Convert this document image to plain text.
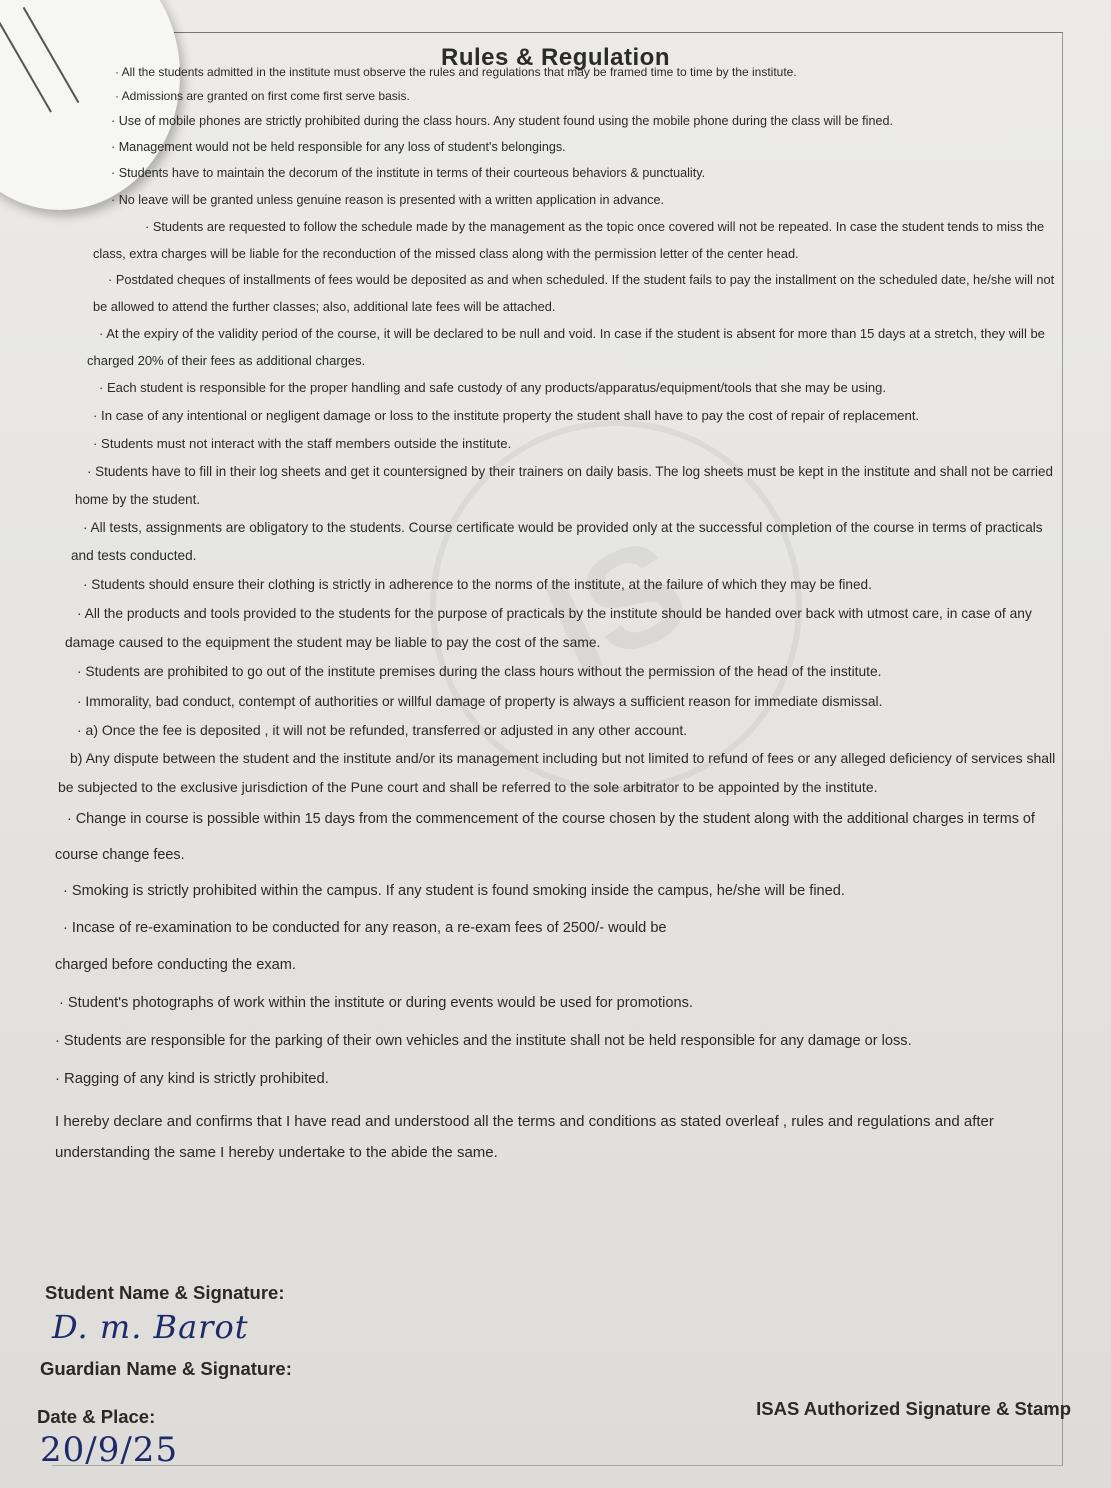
IS
Rules & Regulation

· All the students admitted in the institute must observe the rules and regulations that may be framed time to time by the institute.

· Admissions are granted on first come first serve basis.

· Use of mobile phones are strictly prohibited during the class hours. Any student found using the mobile phone during the class will be fined.

· Management would not be held responsible for any loss of student's belongings.

· Students have to maintain the decorum of the institute in terms of their courteous behaviors & punctuality.

· No leave will be granted unless genuine reason is presented with a written application in advance.

· Students are requested to follow the schedule made by the management as the topic once covered will not be repeated. In case the student tends to miss the class, extra charges will be liable for the reconduction of the missed class along with the permission letter of the center head.

· Postdated cheques of installments of fees would be deposited as and when scheduled. If the student fails to pay the installment on the scheduled date, he/she will not be allowed to attend the further classes; also, additional late fees will be attached.

· At the expiry of the validity period of the course, it will be declared to be null and void. In case if the student is absent for more than 15 days at a stretch, they will be charged 20% of their fees as additional charges.

· Each student is responsible for the proper handling and safe custody of any products/apparatus/equipment/tools that she may be using.

· In case of any intentional or negligent damage or loss to the institute property the student shall have to pay the cost of repair of replacement.

· Students must not interact with the staff members outside the institute.

· Students have to fill in their log sheets and get it countersigned by their trainers on daily basis. The log sheets must be kept in the institute and shall not be carried home by the student.

· All tests, assignments are obligatory to the students. Course certificate would be provided only at the successful completion of the course in terms of practicals and tests conducted.

· Students should ensure their clothing is strictly in adherence to the norms of the institute, at the failure of which they may be fined.

· All the products and tools provided to the students for the purpose of practicals by the institute should be handed over back with utmost care, in case of any damage caused to the equipment the student may be liable to pay the cost of the same.

· Students are prohibited to go out of the institute premises during the class hours without the permission of the head of the institute.

· Immorality, bad conduct, contempt of authorities or willful damage of property is always a sufficient reason for immediate dismissal.

· a) Once the fee is deposited , it will not be refunded, transferred or adjusted in any other account.

b) Any dispute between the student and the institute and/or its management including but not limited to refund of fees or any alleged deficiency of services shall be subjected to the exclusive jurisdiction of the Pune court and shall be referred to the sole arbitrator to be appointed by the institute.

· Change in course is possible within 15 days from the commencement of the course chosen by the student along with the additional charges in terms of course change fees.

· Smoking is strictly prohibited within the campus. If any student is found smoking inside the campus, he/she will be fined.

· Incase of re-examination to be conducted for any reason, a re-exam fees of 2500/- would be charged before conducting the exam.

· Student's photographs of work within the institute or during events would be used for promotions.

· Students are responsible for the parking of their own vehicles and the institute shall not be held responsible for any damage or loss.

· Ragging of any kind is strictly prohibited.

I hereby declare and confirms that I have read and understood all the terms and conditions as stated overleaf , rules and regulations and after understanding the same I hereby undertake to the abide the same.

Student Name & Signature:
D. m. Barot
Guardian Name & Signature:
Date & Place:
20/9/25
ISAS Authorized Signature & Stamp
